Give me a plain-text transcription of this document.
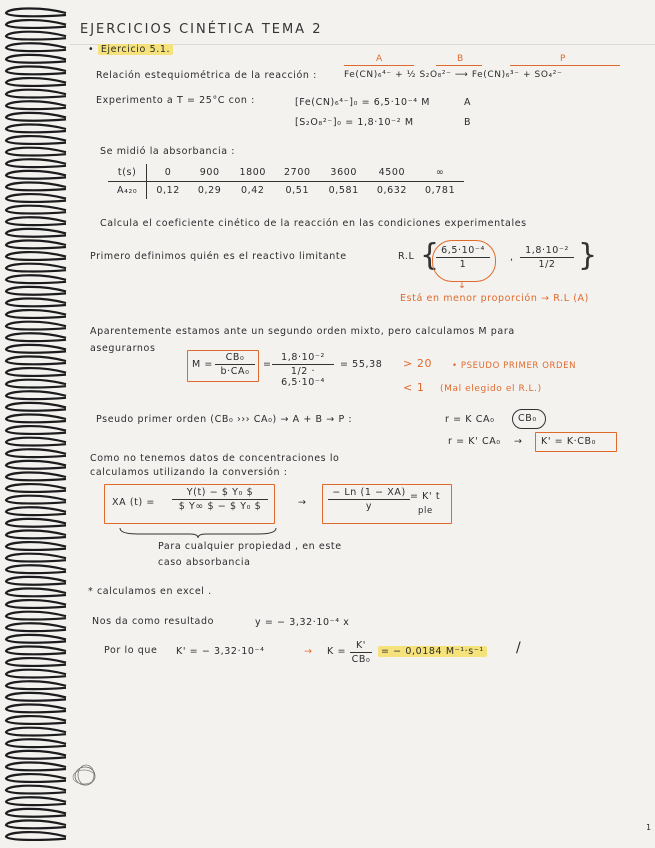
EJERCICIOS CINÉTICA TEMA 2
• Ejercicio 5.1.
A	B	P
Relación estequiométrica de la reacción :	Fe(CN)₆⁴⁻ + ½ S₂O₈²⁻ ⟶ Fe(CN)₆³⁻ + SO₄²⁻
Experimento a T = 25°C con :	[Fe(CN)₆⁴⁻]₀ = 6,5·10⁻⁴ M	A
[S₂O₈²⁻]₀ = 1,8·10⁻² M	B
Se midió la absorbancia :
t(s)	0	900	1800	2700	3600	4500	∞
A₄₂₀	0,12	0,29	0,42	0,51	0,581	0,632	0,781
Calcula el coeficiente cinético de la reacción en las condiciones experimentales
Primero definimos quién es el reactivo limitante	R.L {
$\frac{\text{6,5·10⁻⁴}}{1}$ , $\frac{\text{1,8·10⁻²}}{1/2}$ }
↓
Está en menor proporción → R.L (A)
Aparentemente estamos ante un segundo orden mixto, pero calculamos M para
asegurarnos
$M = \frac{\text{CB₀}}{\text{b·CA₀}} = \frac{\text{1,8·10⁻²}}{\text{1/2 · 6,5·10⁻⁴}} = 55,38 > 20$ • PSEUDO PRIMER ORDEN
< 1 (Mal elegido el R.L.)
Pseudo primer orden (CB₀ ››› CA₀) → A + B → P :	r = K CA₀ CB₀
r = K' CA₀ → K' = K·CB₀
Como no tenemos datos de concentraciones lo
calculamos utilizando la conversión :
XA $(t) = \frac{\text{Y(t) − \$ Y₀ \$}}{\text{\$ Y∞ \$ − \$ Y₀ \$}}$	→ $\frac{- Ln (1 - XA)}{y} = K'$ t
ple
Para cualquier propiedad , en este
caso absorbancia
* calculamos en excel .
Nos da como resultado	y = − 3,32·10⁻⁴ x
Por lo que K' = − 3,32·10⁻⁴	→ $K = \frac{K'}{\text{CB₀}}$ = − 0,0184 M⁻¹·s⁻¹ /
1
